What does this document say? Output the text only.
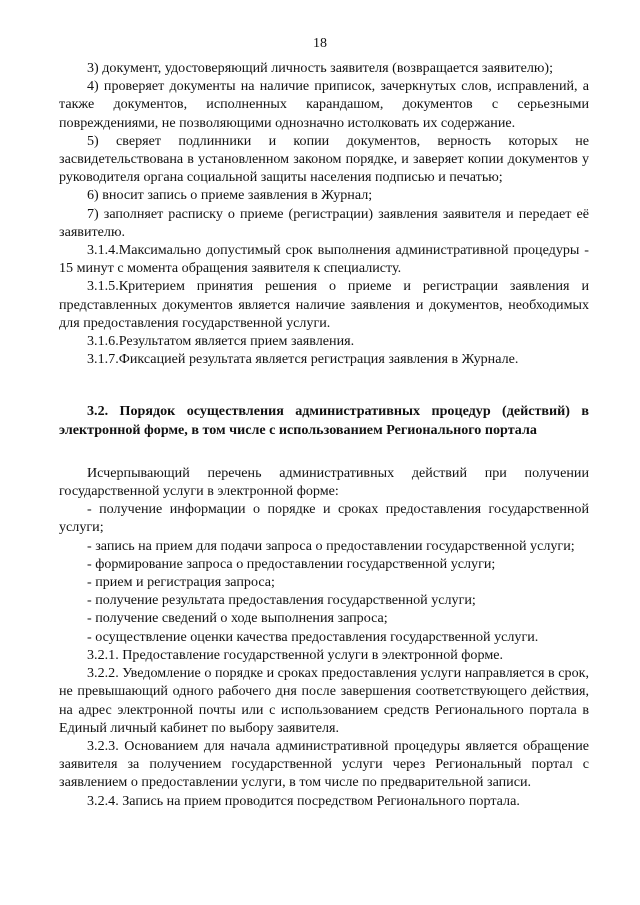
18

3) документ, удостоверяющий личность заявителя (возвращается заявителю);

4) проверяет документы на наличие приписок, зачеркнутых слов, исправлений, а также документов, исполненных карандашом, документов с серьезными повреждениями, не позволяющими однозначно истолковать их содержание.

5) сверяет подлинники и копии документов, верность которых не засвидетельствована в установленном законом порядке, и заверяет копии документов у руководителя органа социальной защиты населения подписью и печатью;

6) вносит запись о приеме заявления в Журнал;

7) заполняет расписку о приеме (регистрации) заявления заявителя и передает её заявителю.

3.1.4.Максимально допустимый срок выполнения административной процедуры - 15 минут с момента обращения заявителя к специалисту.

3.1.5.Критерием принятия решения о приеме и регистрации заявления и представленных документов является наличие заявления и документов, необходимых для предоставления государственной услуги.

3.1.6.Результатом является прием заявления.

3.1.7.Фиксацией результата является регистрация заявления в Журнале.

3.2. Порядок осуществления административных процедур (действий) в электронной форме, в том числе с использованием Регионального портала

Исчерпывающий перечень административных действий при получении государственной услуги в электронной форме:

- получение информации о порядке и сроках предоставления государственной услуги;

- запись на прием для подачи запроса о предоставлении государственной услуги;

- формирование запроса о предоставлении государственной услуги;

- прием и регистрация запроса;

- получение результата предоставления государственной услуги;

- получение сведений о ходе выполнения запроса;

- осуществление оценки качества предоставления государственной услуги.

3.2.1. Предоставление государственной услуги в электронной форме.

3.2.2. Уведомление о порядке и сроках предоставления услуги направляется в срок, не превышающий одного рабочего дня после завершения соответствующего действия, на адрес электронной почты или с использованием средств Регионального портала в Единый личный кабинет по выбору заявителя.

3.2.3. Основанием для начала административной процедуры является обращение заявителя за получением государственной услуги через Региональный портал с заявлением о предоставлении услуги, в том числе по предварительной записи.

3.2.4. Запись на прием проводится посредством Регионального портала.
